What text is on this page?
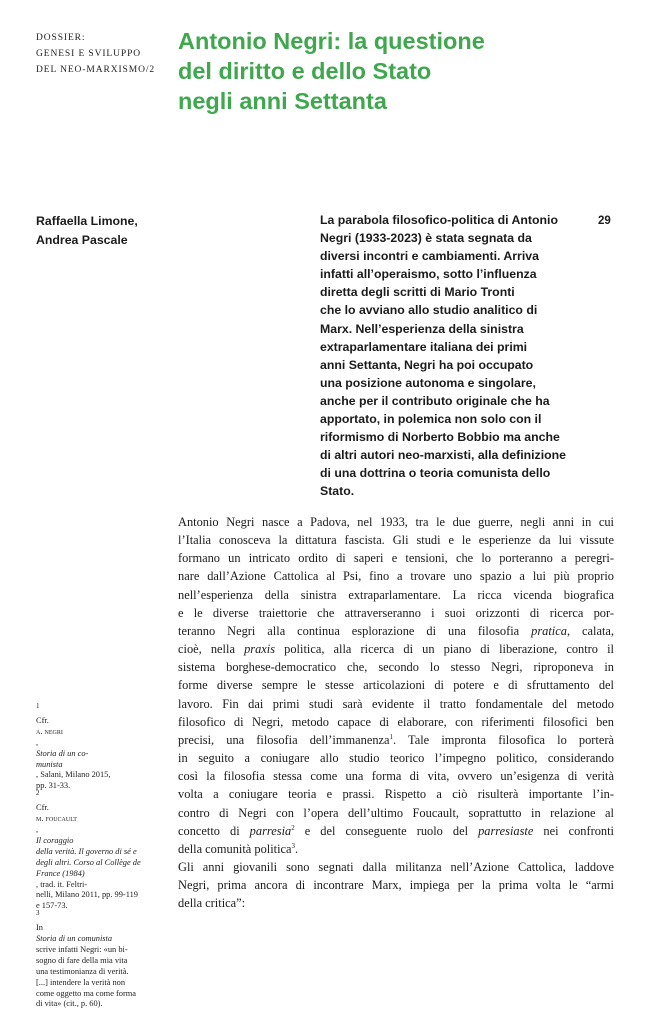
DOSSIER:
GENESI E SVILUPPO
DEL NEO-MARXISMO/2
Antonio Negri: la questione
del diritto e dello Stato
negli anni Settanta
Raffaella Limone,
Andrea Pascale
29
La parabola filosofico-politica di Antonio
Negri (1933-2023) è stata segnata da
diversi incontri e cambiamenti. Arriva
infatti all’operaismo, sotto l’influenza
diretta degli scritti di Mario Tronti
che lo avviano allo studio analitico di
Marx. Nell’esperienza della sinistra
extraparlamentare italiana dei primi
anni Settanta, Negri ha poi occupato
una posizione autonoma e singolare,
anche per il contributo originale che ha
apportato, in polemica non solo con il
riformismo di Norberto Bobbio ma anche
di altri autori neo-marxisti, alla definizione
di una dottrina o teoria comunista dello
Stato.
Antonio Negri nasce a Padova, nel 1933, tra le due guerre, negli anni in cui
l’Italia conosceva la dittatura fascista. Gli studi e le esperienze da lui vissute
formano un intricato ordito di saperi e tensioni, che lo porteranno a peregri-
nare dall’Azione Cattolica al Psi, fino a trovare uno spazio a lui più proprio
nell’esperienza della sinistra extraparlamentare. La ricca vicenda biografica
e le diverse traiettorie che attraverseranno i suoi orizzonti di ricerca por-
teranno Negri alla continua esplorazione di una filosofia pratica, calata,
cioè, nella praxis politica, alla ricerca di un piano di liberazione, contro il
sistema borghese-democratico che, secondo lo stesso Negri, riproponeva in
forme diverse sempre le stesse articolazioni di potere e di sfruttamento del
lavoro. Fin dai primi studi sarà evidente il tratto fondamentale del metodo
filosofico di Negri, metodo capace di elaborare, con riferimenti filosofici ben
precisi, una filosofia dell’immanenza$^1$. Tale impronta filosofica lo porterà
in seguito a coniugare allo studio teorico l’impegno politico, considerando
così la filosofia stessa come una forma di vita, ovvero un’esigenza di verità
volta a coniugare teoria e prassi. Rispetto a ciò risulterà importante l’in-
contro di Negri con l’opera dell’ultimo Foucault, soprattutto in relazione al
concetto di parresia$^2$ e del conseguente ruolo del parresiaste nei confronti
della comunità politica$^3$.
Gli anni giovanili sono segnati dalla militanza nell’Azione Cattolica, laddove
Negri, prima ancora di incontrare Marx, impiega per la prima volta le “armi
della critica”:
$^1$
Cfr.
a. negri
,
Storia di un co-
munista
, Salani, Milano 2015,
pp. 31-33.
$^2$
Cfr.
m. foucault
,
Il coraggio
della verità. Il governo di sé e
degli altri. Corso al Collège de
France (1984)
, trad. it. Feltri-
nelli, Milano 2011, pp. 99-119
e 157-73.
$^3$
In
Storia di un comunista
scrive infatti Negri: «un bi-
sogno di fare della mia vita
una testimonianza di verità.
[...] intendere la verità non
come oggetto ma come forma
di vita» (cit., p. 60).
